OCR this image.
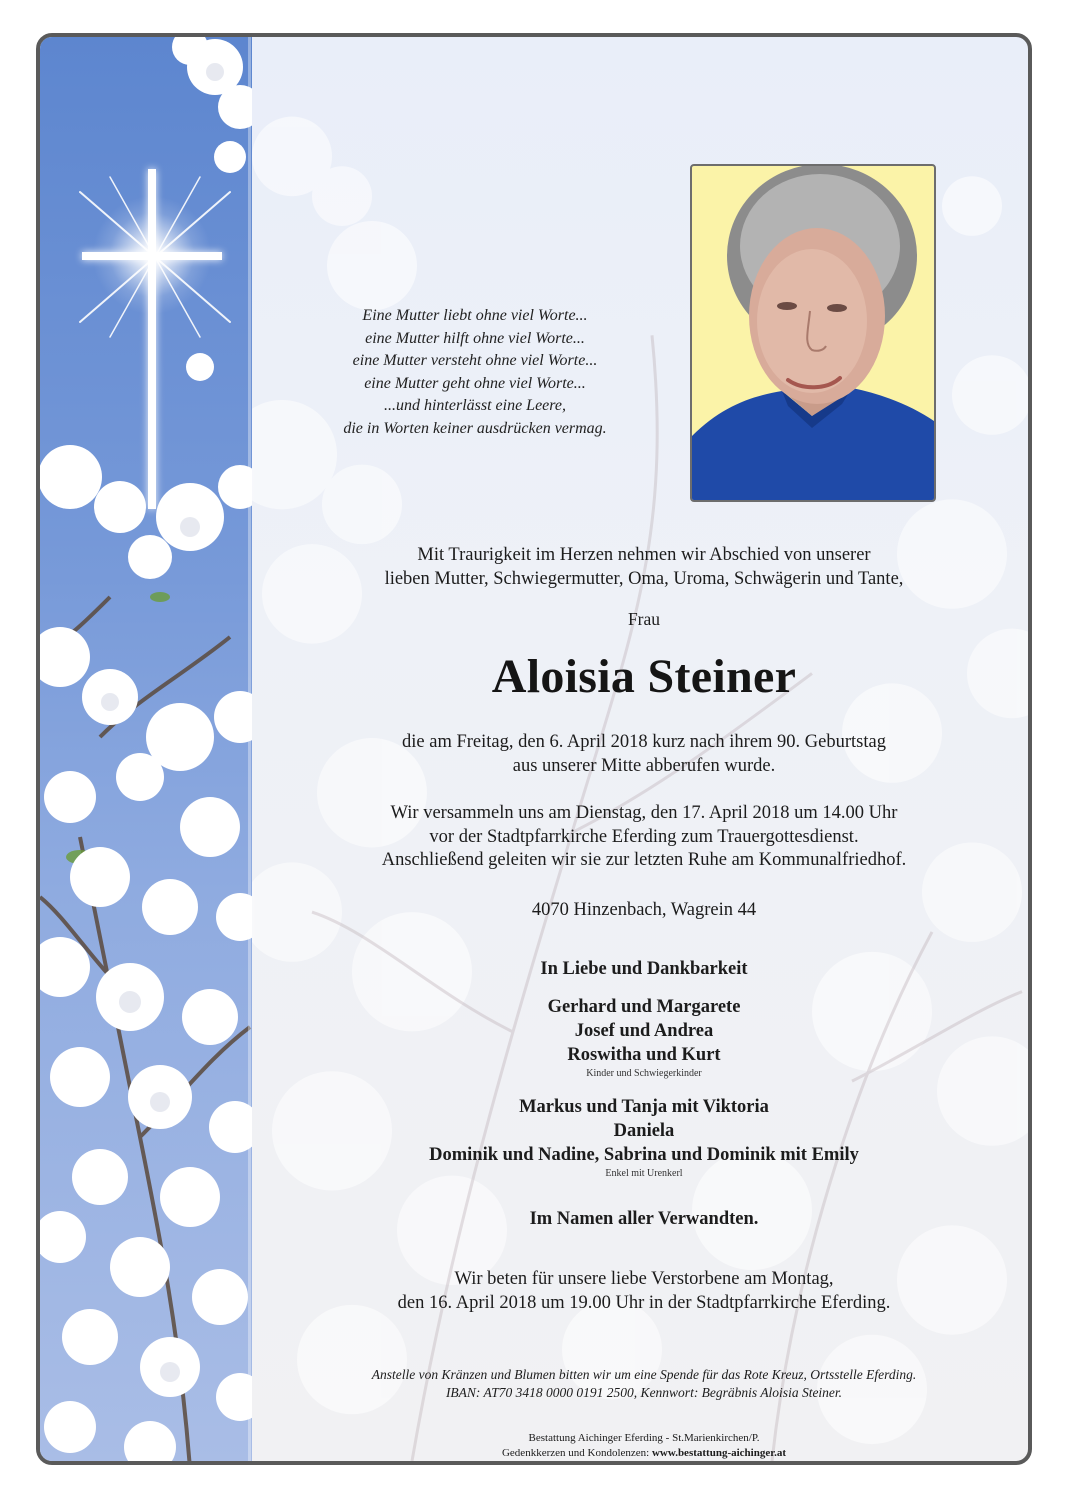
Eine Mutter liebt ohne viel Worte...
eine Mutter hilft ohne viel Worte...
eine Mutter versteht ohne viel Worte...
eine Mutter geht ohne viel Worte...
...und hinterlässt eine Leere,
die in Worten keiner ausdrücken vermag.
Mit Traurigkeit im Herzen nehmen wir Abschied von unserer
lieben Mutter, Schwiegermutter, Oma, Uroma, Schwägerin und Tante,
Frau
Aloisia Steiner
die am Freitag, den 6. April 2018 kurz nach ihrem 90. Geburtstag
aus unserer Mitte abberufen wurde.
Wir versammeln uns am Dienstag, den 17. April 2018 um 14.00 Uhr
vor der Stadtpfarrkirche Eferding zum Trauergottesdienst.
Anschließend geleiten wir sie zur letzten Ruhe am Kommunalfriedhof.
4070 Hinzenbach, Wagrein 44
In Liebe und Dankbarkeit
Gerhard und Margarete
Josef und Andrea
Roswitha und Kurt
Kinder und Schwiegerkinder
Markus und Tanja mit Viktoria
Daniela
Dominik und Nadine, Sabrina und Dominik mit Emily
Enkel mit Urenkerl
Im Namen aller Verwandten.
Wir beten für unsere liebe Verstorbene am Montag,
den 16. April 2018 um 19.00 Uhr in der Stadtpfarrkirche Eferding.
Anstelle von Kränzen und Blumen bitten wir um eine Spende für das Rote Kreuz, Ortsstelle Eferding.
IBAN: AT70 3418 0000 0191 2500, Kennwort: Begräbnis Aloisia Steiner.
Bestattung Aichinger Eferding - St.Marienkirchen/P.
Gedenkkerzen und Kondolenzen: www.bestattung-aichinger.at
